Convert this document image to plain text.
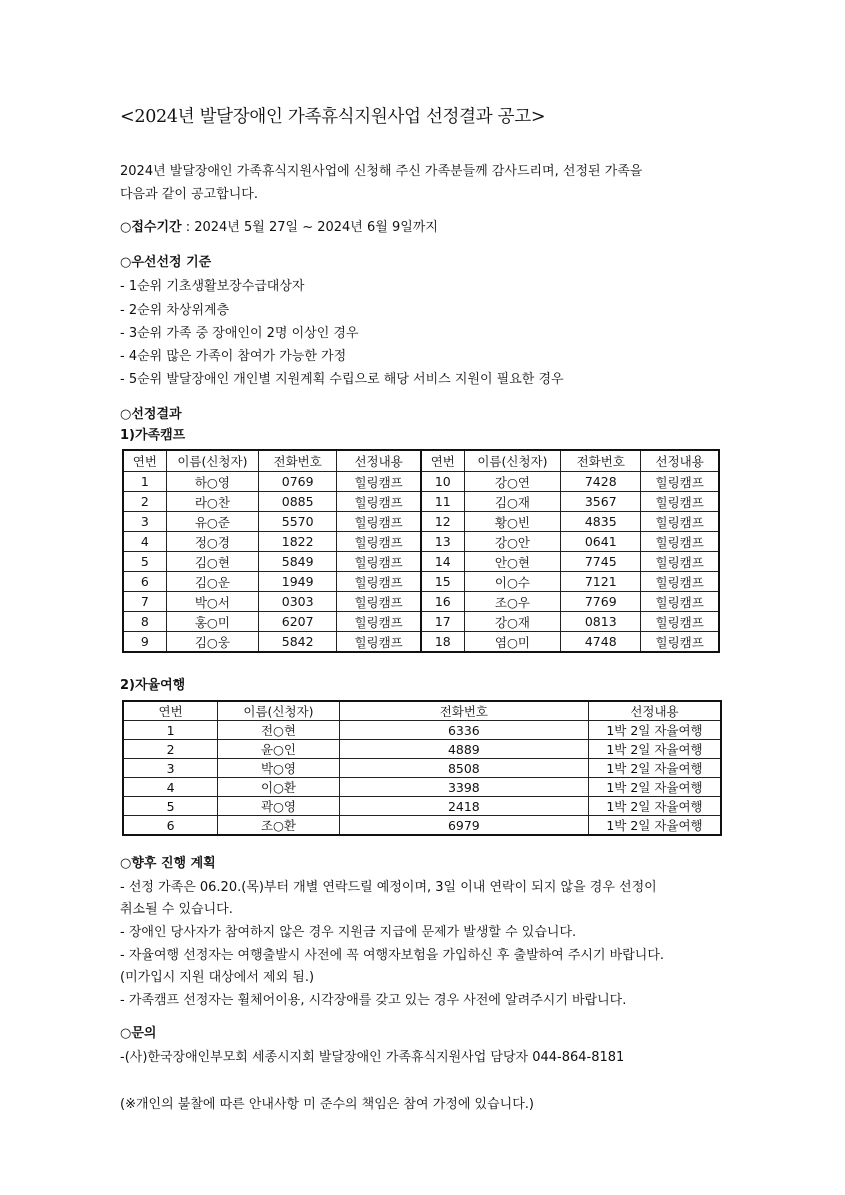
<2024년 발달장애인 가족휴식지원사업 선정결과 공고>
2024년 발달장애인 가족휴식지원사업에 신청해 주신 가족분들께 감사드리며, 선정된 가족을
다음과 같이 공고합니다.
○접수기간 : 2024년 5월 27일 ~ 2024년 6월 9일까지
○우선선정 기준
- 1순위 기초생활보장수급대상자
- 2순위 차상위계층
- 3순위 가족 중 장애인이 2명 이상인 경우
- 4순위 많은 가족이 참여가 가능한 가정
- 5순위 발달장애인 개인별 지원계획 수립으로 해당 서비스 지원이 필요한 경우
○선정결과
1)가족캠프
연번	이름(신청자)	전화번호	선정내용	연번	이름(신청자)	전화번호	선정내용
1	하○영	0769	힐링캠프	10	강○연	7428	힐링캠프
2	라○찬	0885	힐링캠프	11	김○재	3567	힐링캠프
3	유○준	5570	힐링캠프	12	황○빈	4835	힐링캠프
4	정○경	1822	힐링캠프	13	강○안	0641	힐링캠프
5	김○현	5849	힐링캠프	14	안○현	7745	힐링캠프
6	김○운	1949	힐링캠프	15	이○수	7121	힐링캠프
7	박○서	0303	힐링캠프	16	조○우	7769	힐링캠프
8	홍○미	6207	힐링캠프	17	강○재	0813	힐링캠프
9	김○웅	5842	힐링캠프	18	염○미	4748	힐링캠프
2)자율여행
연번	이름(신청자)	전화번호	선정내용
1	전○현	6336	1박 2일 자율여행
2	윤○인	4889	1박 2일 자율여행
3	박○영	8508	1박 2일 자율여행
4	이○환	3398	1박 2일 자율여행
5	곽○영	2418	1박 2일 자율여행
6	조○환	6979	1박 2일 자율여행
○향후 진행 계획
- 선정 가족은 06.20.(목)부터 개별 연락드릴 예정이며, 3일 이내 연락이 되지 않을 경우 선정이
취소될 수 있습니다.
- 장애인 당사자가 참여하지 않은 경우 지원금 지급에 문제가 발생할 수 있습니다.
- 자율여행 선정자는 여행출발시 사전에 꼭 여행자보험을 가입하신 후 출발하여 주시기 바랍니다.
(미가입시 지원 대상에서 제외 됨.)
- 가족캠프 선정자는 휠체어이용, 시각장애를 갖고 있는 경우 사전에 알려주시기 바랍니다.
○문의
-(사)한국장애인부모회 세종시지회 발달장애인 가족휴식지원사업 담당자 044-864-8181
(※개인의 불찰에 따른 안내사항 미 준수의 책임은 참여 가정에 있습니다.)
